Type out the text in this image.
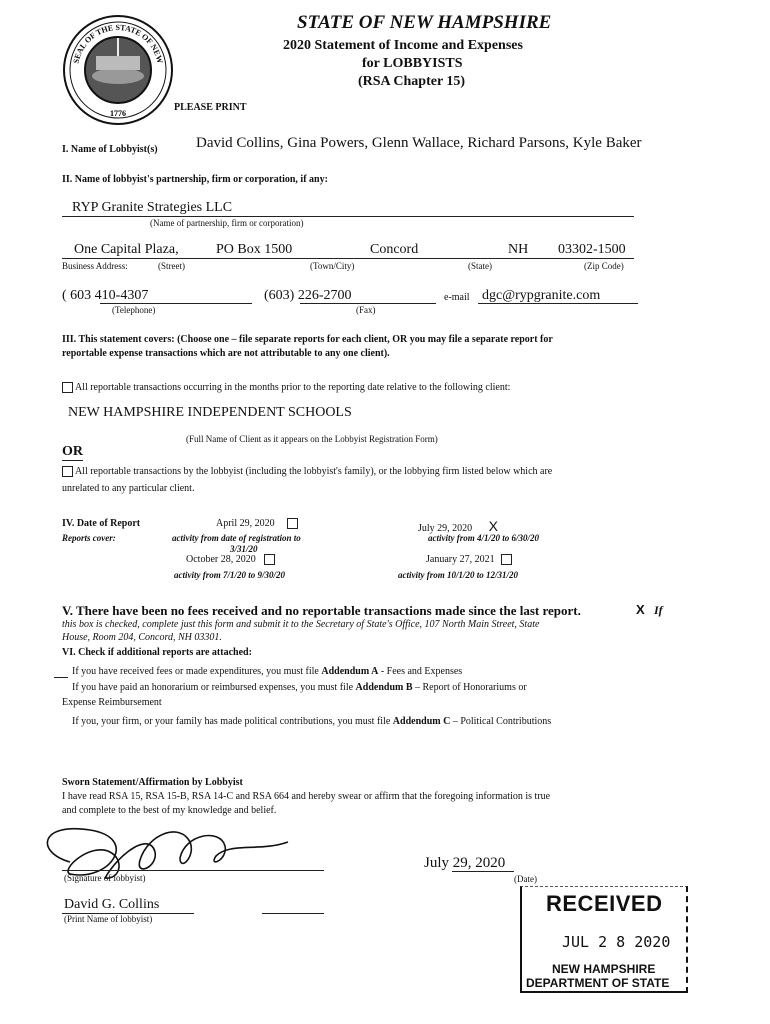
SEAL OF THE STATE OF NEW
1776
STATE OF NEW HAMPSHIRE
2020 Statement of Income and Expenses
for LOBBYISTS
(RSA Chapter 15)
PLEASE PRINT
I. Name of Lobbyist(s)	David Collins, Gina Powers, Glenn Wallace, Richard Parsons, Kyle Baker
II. Name of lobbyist's partnership, firm or corporation, if any:
RYP Granite Strategies LLC
(Name of partnership, firm or corporation)
One Capital Plaza,	PO Box 1500	Concord	NH 03302-1500
Business Address:	(Street)	(Town/City)	(State)	(Zip Code)
( 603 410-4307	(603) 226-2700	e-mail dgc@rypgranite.com
(Telephone)	(Fax)
III. This statement covers: (Choose one – file separate reports for each client, OR you may file a separate report for
reportable expense transactions which are not attributable to any one client).
All reportable transactions occurring in the months prior to the reporting date relative to the following client:
NEW HAMPSHIRE INDEPENDENT SCHOOLS
(Full Name of Client as it appears on the Lobbyist Registration Form)
OR
All reportable transactions by the lobbyist (including the lobbyist's family), or the lobbying firm listed below which are
unrelated to any particular client.
IV. Date of Report
Reports cover:
April 29, 2020
activity from date of registration to
3/31/20
July 29, 2020 X
activity from 4/1/20 to 6/30/20
October 28, 2020
activity from 7/1/20 to 9/30/20
January 27, 2021
activity from 10/1/20 to 12/31/20
V. There have been no fees received and no reportable transactions made since the last report.	X If
this box is checked, complete just this form and submit it to the Secretary of State's Office, 107 North Main Street, State
House, Room 204, Concord, NH 03301.
VI. Check if additional reports are attached:
If you have received fees or made expenditures, you must file Addendum A - Fees and Expenses
If you have paid an honorarium or reimbursed expenses, you must file Addendum B – Report of Honorariums or
Expense Reimbursement
If you, your firm, or your family has made political contributions, you must file Addendum C – Political Contributions
Sworn Statement/Affirmation by Lobbyist
I have read RSA 15, RSA 15-B, RSA 14-C and RSA 664 and hereby swear or affirm that the foregoing information is true
and complete to the best of my knowledge and belief.
(Signature of lobbyist)
July 29, 2020
(Date)
David G. Collins
(Print Name of lobbyist)
RECEIVED
JUL 2 8 2020
NEW HAMPSHIRE
DEPARTMENT OF STATE
